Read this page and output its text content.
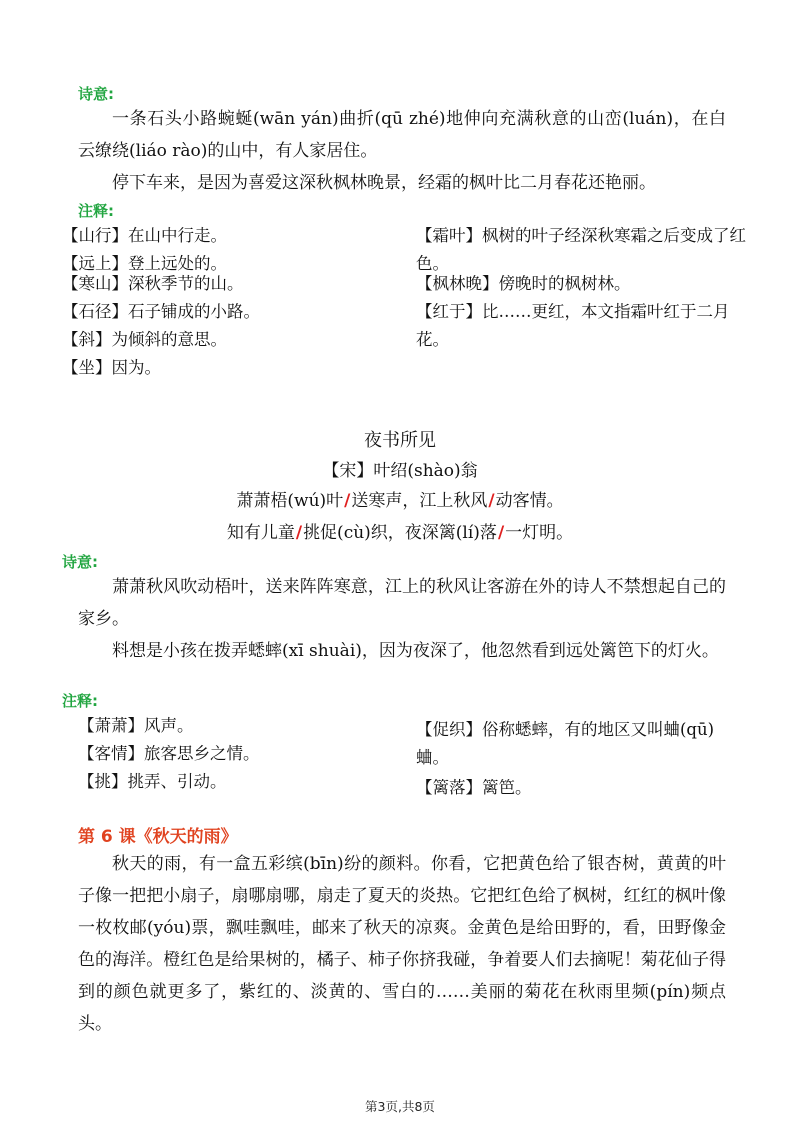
诗意:
一条石头小路蜿蜒(wān yán)曲折(qū zhé)地伸向充满秋意的山峦(luán)，在白云缭绕(liáo rào)的山中，有人家居住。
停下车来，是因为喜爱这深秋枫林晚景，经霜的枫叶比二月春花还艳丽。
注释:
【山行】在山中行走。
【远上】登上远处的。
【寒山】深秋季节的山。
【石径】石子铺成的小路。
【斜】为倾斜的意思。
【坐】因为。
【霜叶】枫树的叶子经深秋寒霜之后变成了红色。
【枫林晚】傍晚时的枫树林。
【红于】比……更红，本文指霜叶红于二月花。
夜书所见
【宋】叶绍(shào)翁
萧萧梧(wú)叶/送寒声，江上秋风/动客情。
知有儿童/挑促(cù)织，夜深篱(lí)落/一灯明。
诗意:
萧萧秋风吹动梧叶，送来阵阵寒意，江上的秋风让客游在外的诗人不禁想起自己的家乡。
料想是小孩在拨弄蟋蟀(xī shuài)，因为夜深了，他忽然看到远处篱笆下的灯火。
注释:
【萧萧】风声。
【客情】旅客思乡之情。
【挑】挑弄、引动。
【促织】俗称蟋蟀，有的地区又叫蛐(qū)蛐。
【篱落】篱笆。
第 6 课《秋天的雨》
秋天的雨，有一盒五彩缤(bīn)纷的颜料。你看，它把黄色给了银杏树，黄黄的叶子像一把把小扇子，扇哪扇哪，扇走了夏天的炎热。它把红色给了枫树，红红的枫叶像一枚枚邮(yóu)票，飘哇飘哇，邮来了秋天的凉爽。金黄色是给田野的，看，田野像金色的海洋。橙红色是给果树的，橘子、柿子你挤我碰，争着要人们去摘呢！菊花仙子得到的颜色就更多了，紫红的、淡黄的、雪白的……美丽的菊花在秋雨里频(pín)频点头。
第3页,共8页
